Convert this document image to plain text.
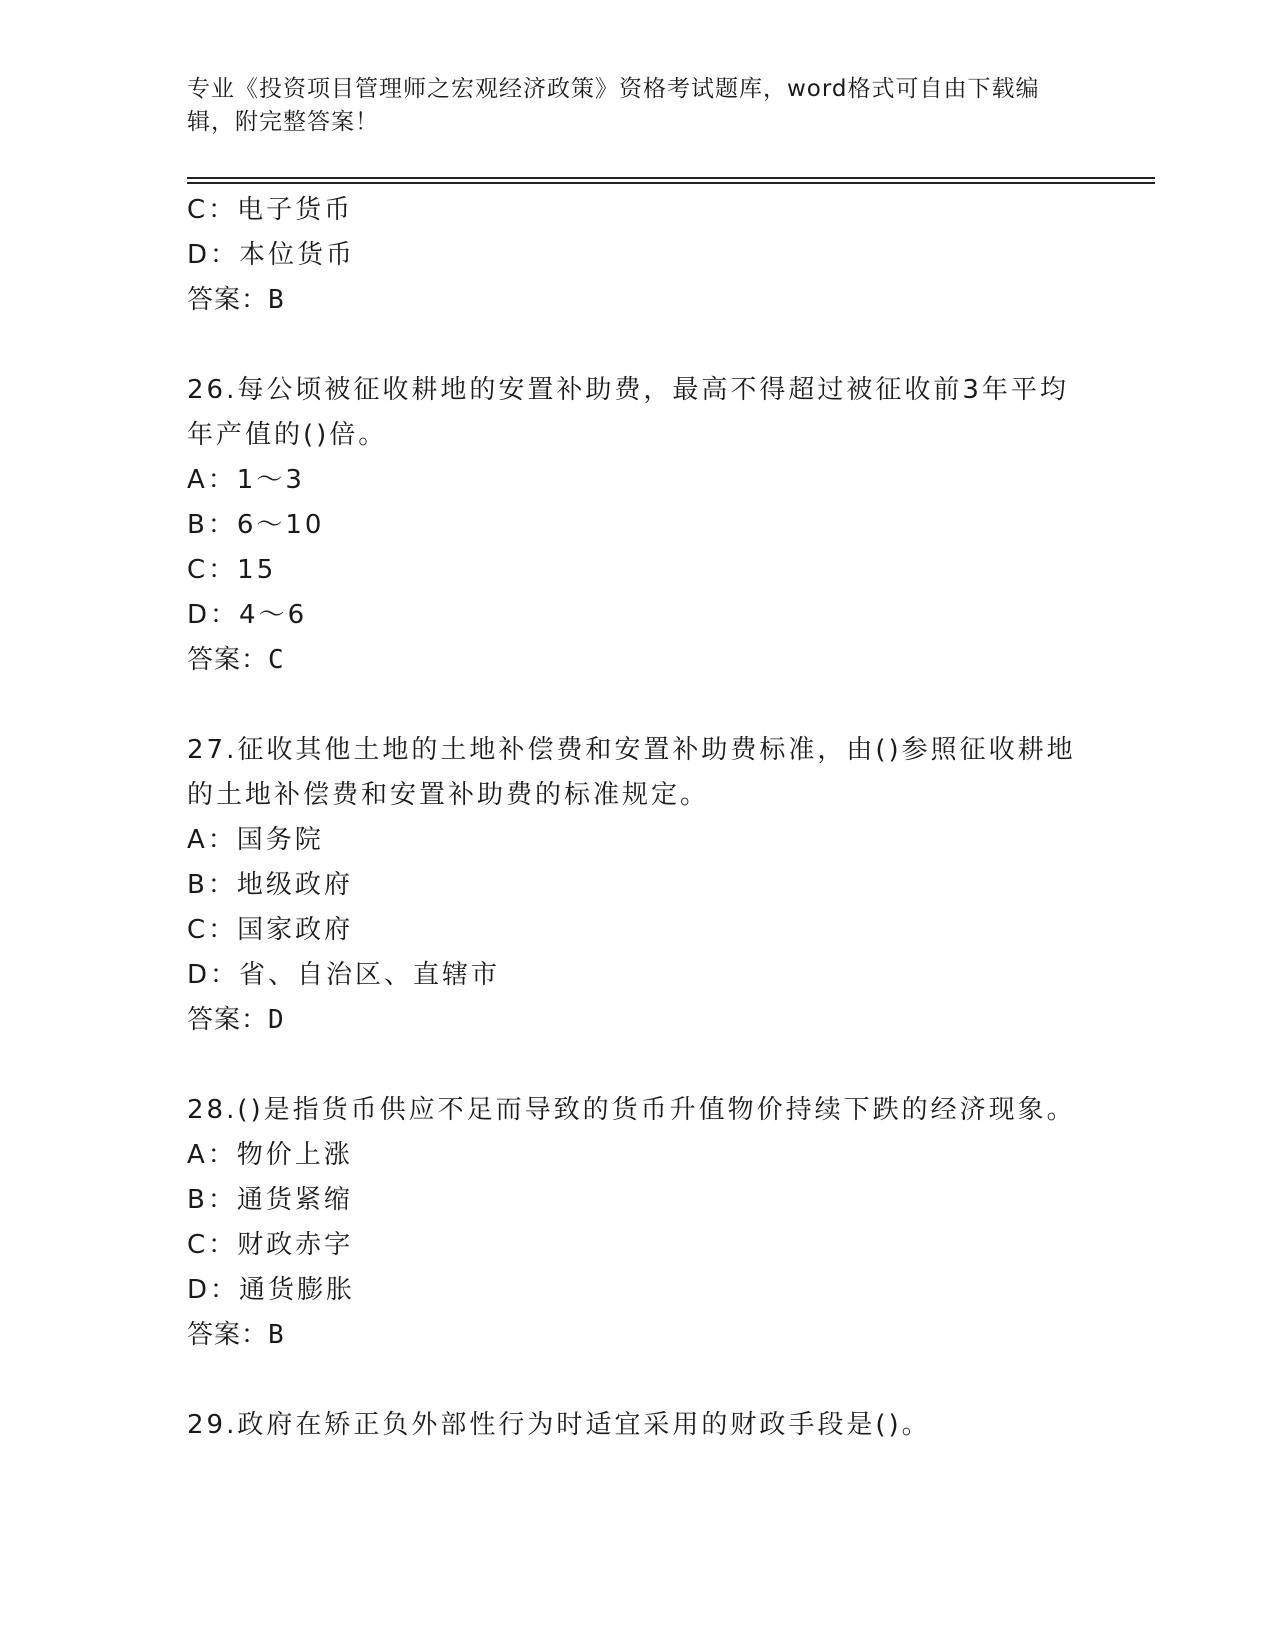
专业《投资项目管理师之宏观经济政策》资格考试题库，word格式可自由下载编
辑，附完整答案！
C：电子货币
D：本位货币
答案：B
26.每公顷被征收耕地的安置补助费，最高不得超过被征收前3年平均
年产值的()倍。
A：1～3
B：6～10
C：15
D：4～6
答案：C
27.征收其他土地的土地补偿费和安置补助费标准，由()参照征收耕地
的土地补偿费和安置补助费的标准规定。
A：国务院
B：地级政府
C：国家政府
D：省、自治区、直辖市
答案：D
28.()是指货币供应不足而导致的货币升值物价持续下跌的经济现象。
A：物价上涨
B：通货紧缩
C：财政赤字
D：通货膨胀
答案：B
29.政府在矫正负外部性行为时适宜采用的财政手段是()。
